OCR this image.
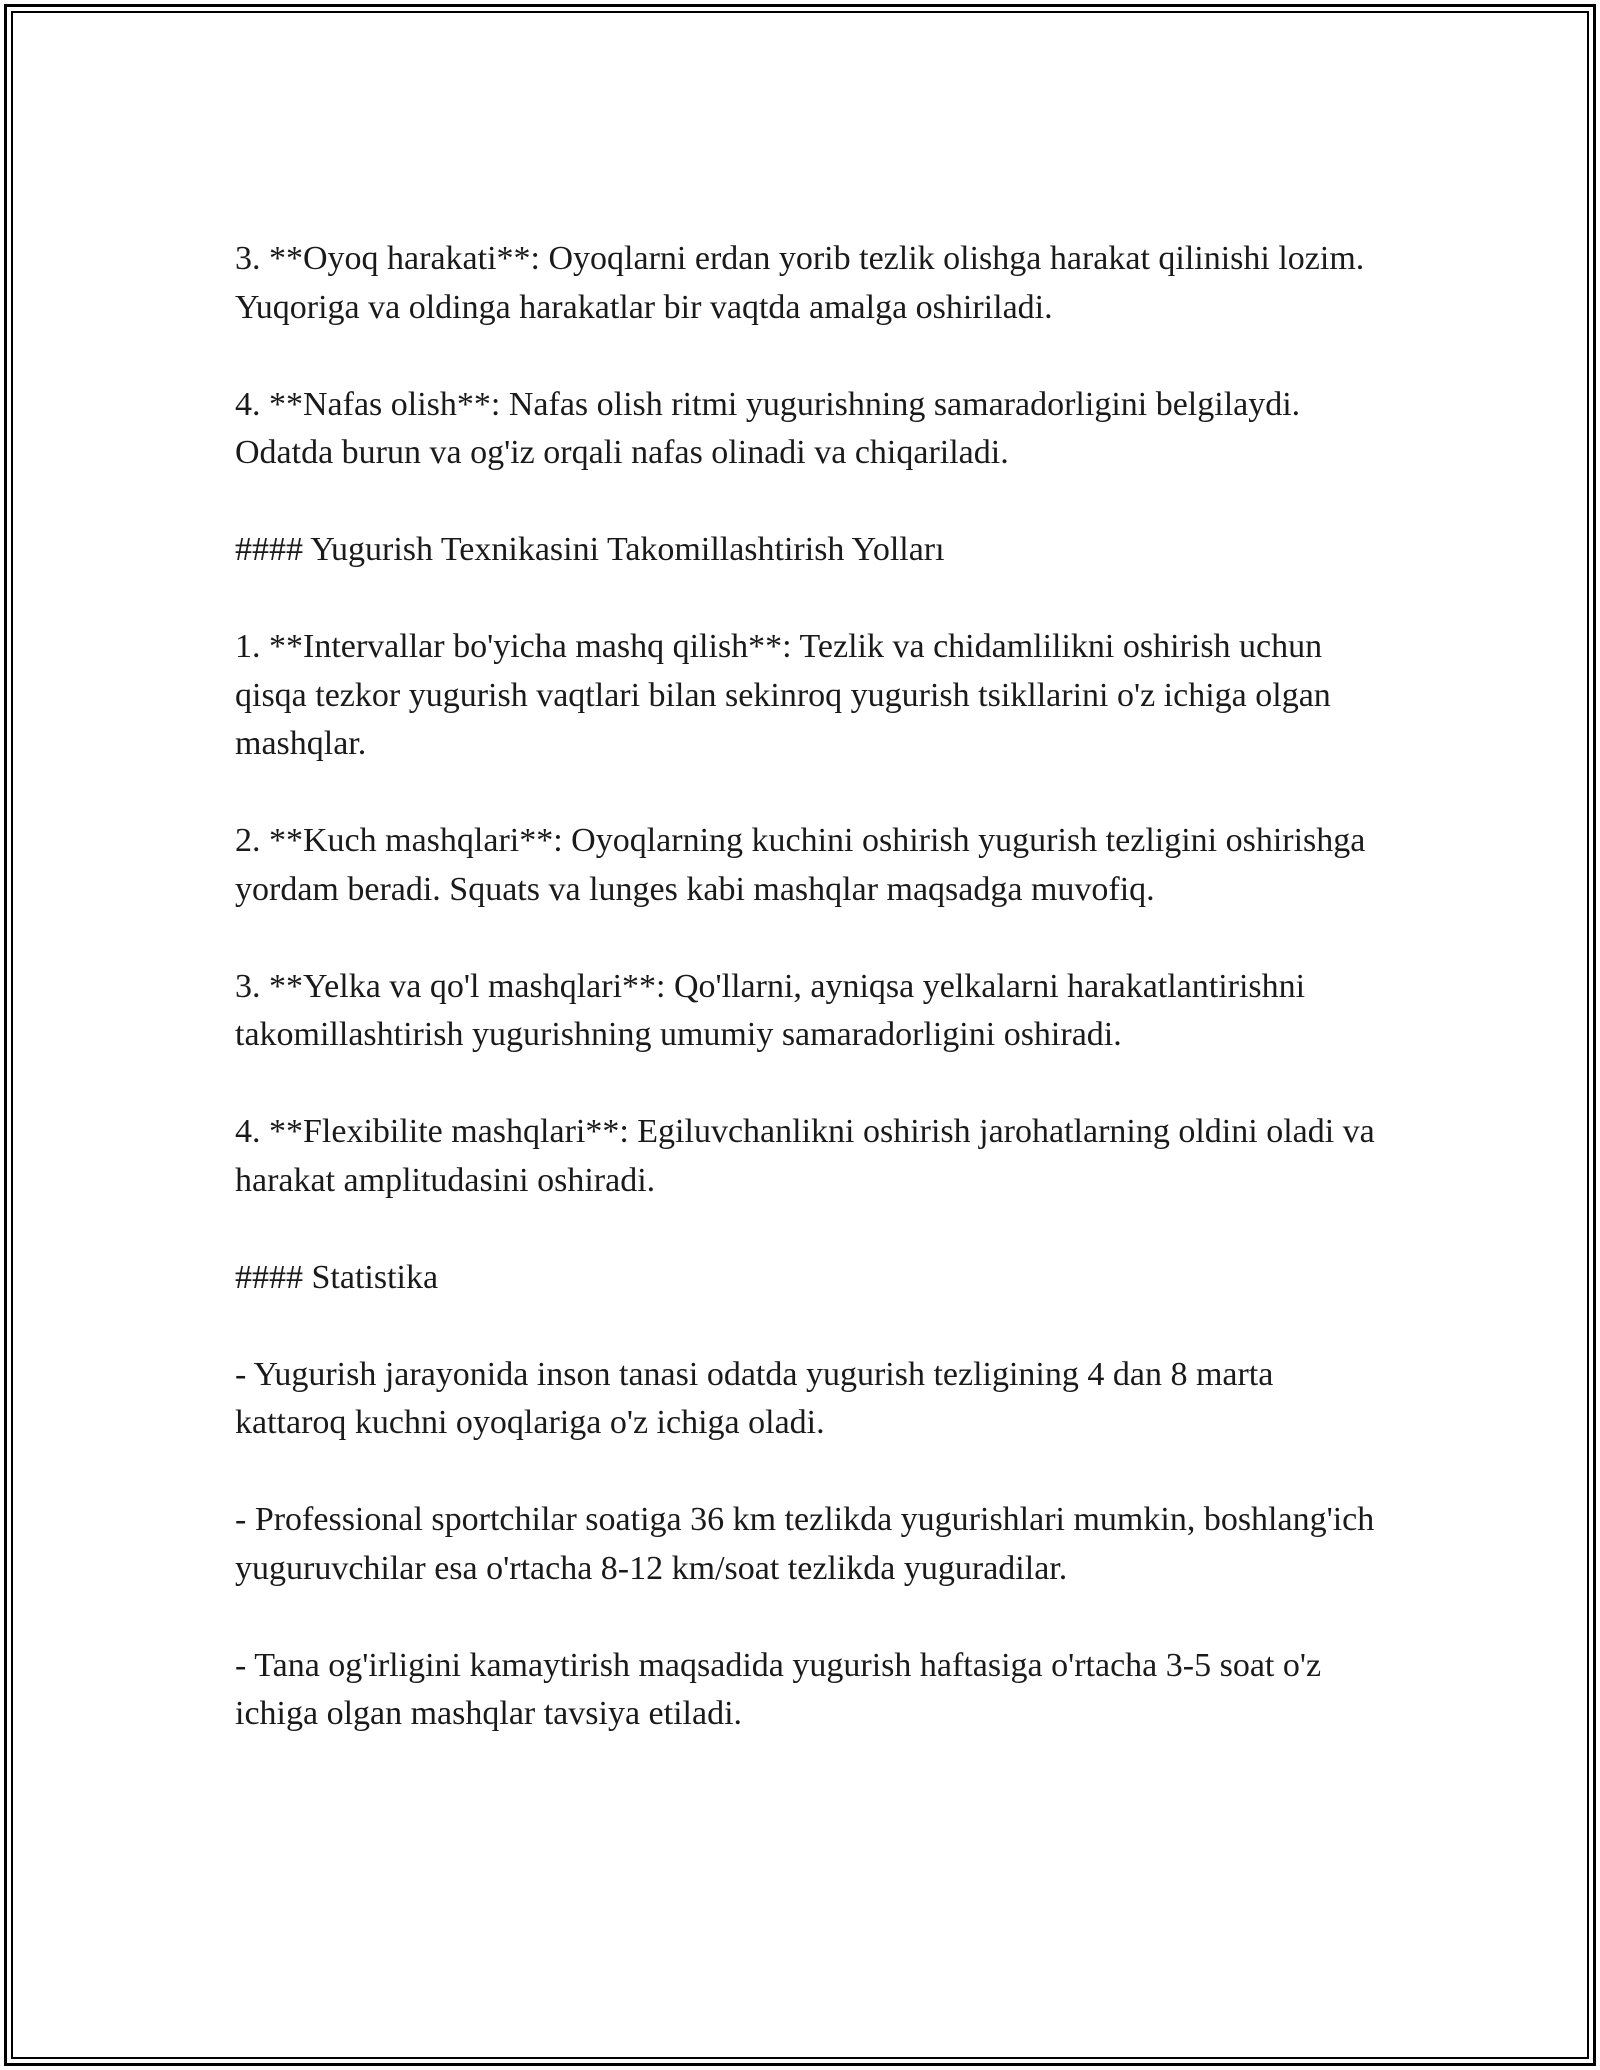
3. **Oyoq harakati**: Oyoqlarni erdan yorib tezlik olishga harakat qilinishi lozim. Yuqoriga va oldinga harakatlar bir vaqtda amalga oshiriladi.

4. **Nafas olish**: Nafas olish ritmi yugurishning samaradorligini belgilaydi. Odatda burun va og'iz orqali nafas olinadi va chiqariladi.

#### Yugurish Texnikasini Takomillashtirish Yolları

1. **Intervallar bo'yicha mashq qilish**: Tezlik va chidamlilikni oshirish uchun qisqa tezkor yugurish vaqtlari bilan sekinroq yugurish tsikllarini o'z ichiga olgan mashqlar.

2. **Kuch mashqlari**: Oyoqlarning kuchini oshirish yugurish tezligini oshirishga yordam beradi. Squats va lunges kabi mashqlar maqsadga muvofiq.

3. **Yelka va qo'l mashqlari**: Qo'llarni, ayniqsa yelkalarni harakatlantirishni takomillashtirish yugurishning umumiy samaradorligini oshiradi.

4. **Flexibilite mashqlari**: Egiluvchanlikni oshirish jarohatlarning oldini oladi va harakat amplitudasini oshiradi.

#### Statistika

- Yugurish jarayonida inson tanasi odatda yugurish tezligining 4 dan 8 marta kattaroq kuchni oyoqlariga o'z ichiga oladi.

- Professional sportchilar soatiga 36 km tezlikda yugurishlari mumkin, boshlang'ich yuguruvchilar esa o'rtacha 8-12 km/soat tezlikda yuguradilar.

- Tana og'irligini kamaytirish maqsadida yugurish haftasiga o'rtacha 3-5 soat o'z ichiga olgan mashqlar tavsiya etiladi.
